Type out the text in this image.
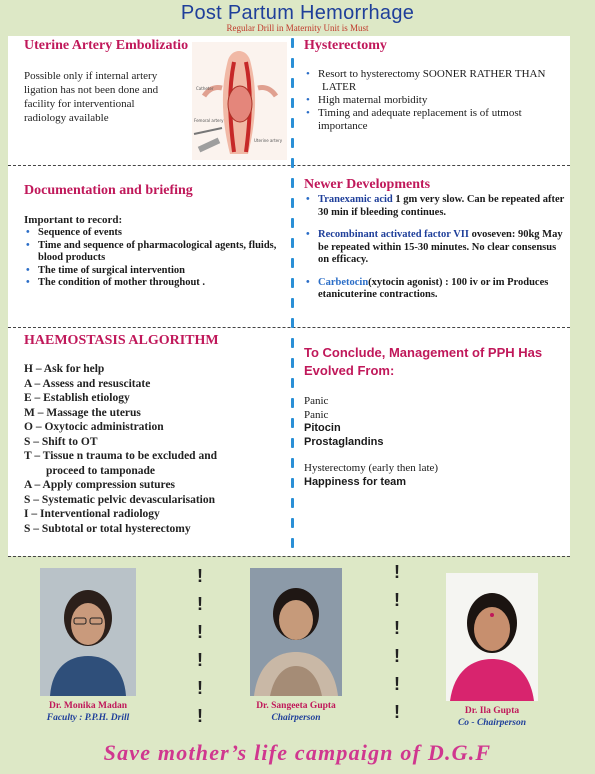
Post Partum Hemorrhage
Regular Drill in Maternity Unit is Must
Uterine Artery Embolizatio
Possible only if internal artery ligation has not been done and facility for interventional radiology available
Catheter
Femoral artery
Uterine artery
Hysterectomy
• Resort to hysterectomy SOONER RATHER THAN
LATER
• High maternal morbidity
• Timing and adequate replacement is of utmost importance
Documentation and briefing
Important to record:
• Sequence of events
• Time and sequence of pharmacological agents, fluids, blood products
• The time of surgical intervention
• The condition of mother throughout .
Newer Developments
• Tranexamic acid 1 gm very slow. Can be repeated after 30 min if bleeding continues.
• Recombinant activated factor VII ovoseven: 90kg May be repeated within 15-30 minutes. No clear consensus on efficacy.
• Carbetocin(xytocin agonist) : 100 iv or im Produces etanicuterine contractions.
HAEMOSTASIS ALGORITHM
H – Ask for help
A – Assess and resuscitate
E – Establish etiology
M – Massage the uterus
O – Oxytocic administration
S – Shift to OT
T – Tissue n trauma to be excluded and
proceed to tamponade
A – Apply compression sutures
S – Systematic pelvic devascularisation
I – Interventional radiology
S – Subtotal or total hysterectomy
To Conclude, Management of PPH Has Evolved From:
Panic
Panic
Pitocin
Prostaglandins
Hysterectomy (early then late)
Happiness for team
Dr. Monika Madan
Faculty : P.P.H. Drill
Dr. Sangeeta Gupta
Chairperson
Dr. Ila Gupta
Co - Chairperson
!
!
!
!
!
!
!
!
!
!
!
!
Save mother’s life campaign of D.G.F
